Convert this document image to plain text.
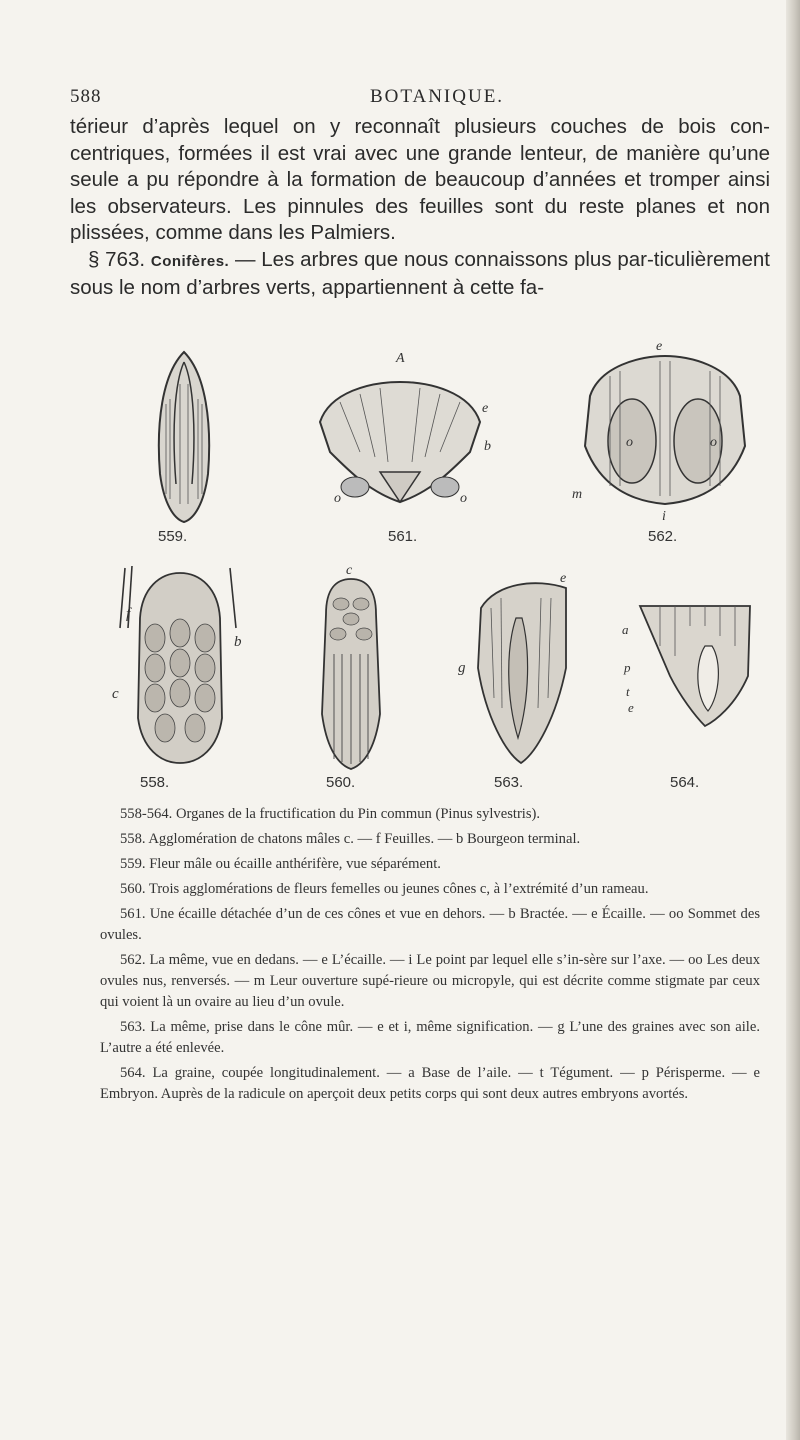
588	BOTANIQUE.

térieur d’après lequel on y reconnaît plusieurs couches de bois con-centriques, formées il est vrai avec une grande lenteur, de manière qu’une seule a pu répondre à la formation de beaucoup d’années et tromper ainsi les observateurs. Les pinnules des feuilles sont du reste planes et non plissées, comme dans les Palmiers.

§ 763. Conifères. — Les arbres que nous connaissons plus par-ticulièrement sous le nom d’arbres verts, appartiennent à cette fa-

559.
A
e
b
o	o
561.
e
o	o
m
i
562.
f
b
c
558.
c
560.
e
g
563.
a
p
t
e
564.

558-564. Organes de la fructification du Pin commun (Pinus sylvestris).

558. Agglomération de chatons mâles c. — f Feuilles. — b Bourgeon terminal.

559. Fleur mâle ou écaille anthérifère, vue séparément.

560. Trois agglomérations de fleurs femelles ou jeunes cônes c, à l’extrémité d’un rameau.

561. Une écaille détachée d’un de ces cônes et vue en dehors. — b Bractée. — e Écaille. — oo Sommet des ovules.

562. La même, vue en dedans. — e L’écaille. — i Le point par lequel elle s’in-sère sur l’axe. — oo Les deux ovules nus, renversés. — m Leur ouverture supé-rieure ou micropyle, qui est décrite comme stigmate par ceux qui voient là un ovaire au lieu d’un ovule.

563. La même, prise dans le cône mûr. — e et i, même signification. — g L’une des graines avec son aile. L’autre a été enlevée.

564. La graine, coupée longitudinalement. — a Base de l’aile. — t Tégument. — p Périsperme. — e Embryon. Auprès de la radicule on aperçoit deux petits corps qui sont deux autres embryons avortés.
